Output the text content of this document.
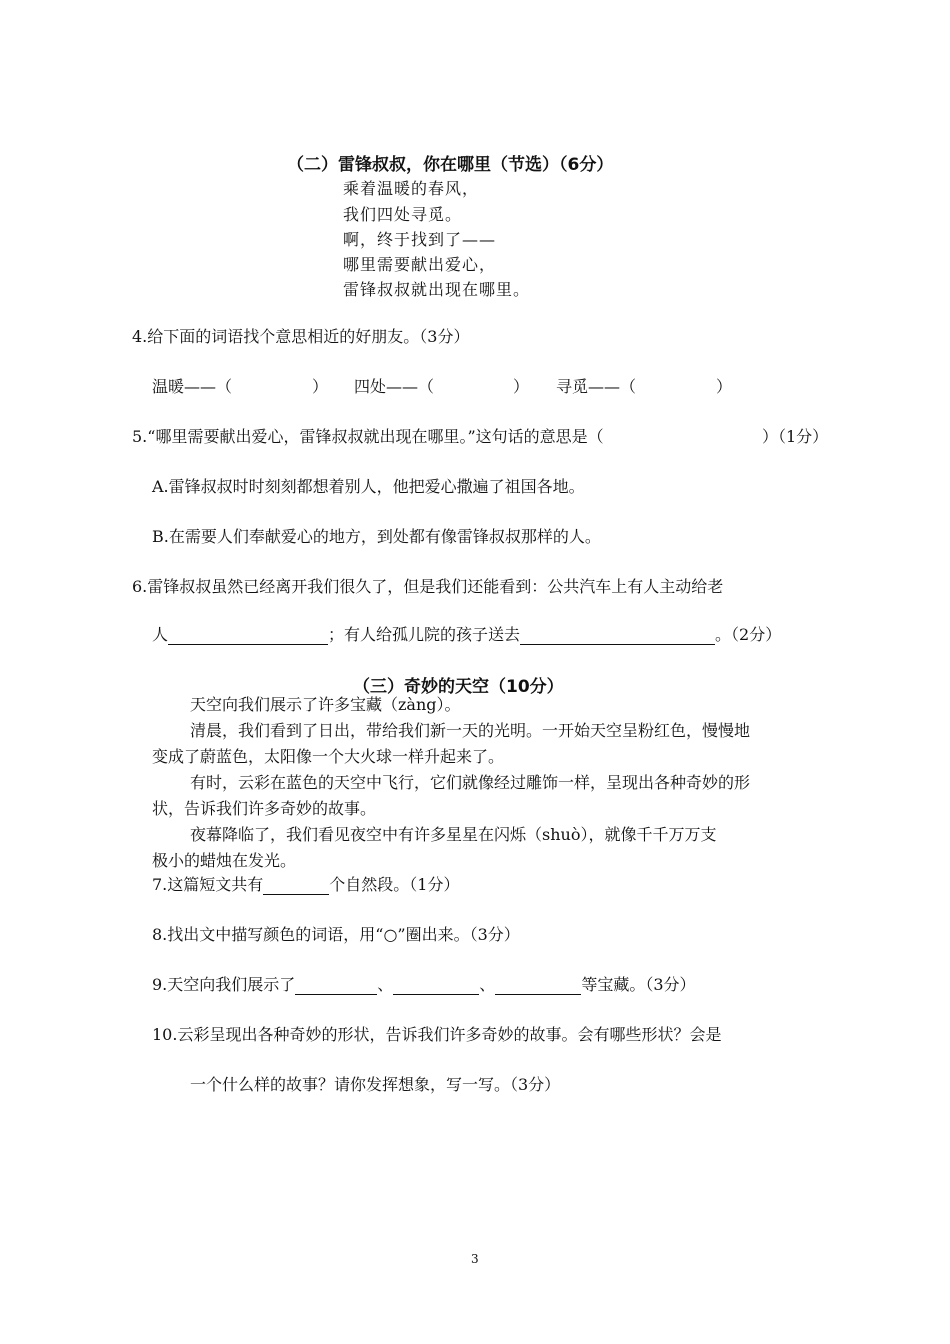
（二）雷锋叔叔，你在哪里（节选）（6分）
乘着温暖的春风，
我们四处寻觅。
啊，终于找到了——
哪里需要献出爱心，
雷锋叔叔就出现在哪里。
4.给下面的词语找个意思相近的好朋友。（3分）
温暖——（	） 四处——（	） 寻觅——（	）
5.“哪里需要献出爱心，雷锋叔叔就出现在哪里。”这句话的意思是（	）（1分）
A.雷锋叔叔时时刻刻都想着别人，他把爱心撒遍了祖国各地。
B.在需要人们奉献爱心的地方，到处都有像雷锋叔叔那样的人。
6.雷锋叔叔虽然已经离开我们很久了，但是我们还能看到：公共汽车上有人主动给老
人	；有人给孤儿院的孩子送去	。（2分）
（三）奇妙的天空（10分）
天空向我们展示了许多宝藏（zàng）。
清晨，我们看到了日出，带给我们新一天的光明。一开始天空呈粉红色，慢慢地
变成了蔚蓝色，太阳像一个大火球一样升起来了。
有时，云彩在蓝色的天空中飞行，它们就像经过雕饰一样，呈现出各种奇妙的形
状，告诉我们许多奇妙的故事。
夜幕降临了，我们看见夜空中有许多星星在闪烁（shuò），就像千千万万支
极小的蜡烛在发光。
7.这篇短文共有	个自然段。（1分）
8.找出文中描写颜色的词语，用“○”圈出来。（3分）
9.天空向我们展示了	、	、	等宝藏。（3分）
10.云彩呈现出各种奇妙的形状，告诉我们许多奇妙的故事。会有哪些形状？会是
一个什么样的故事？请你发挥想象，写一写。（3分）
3
